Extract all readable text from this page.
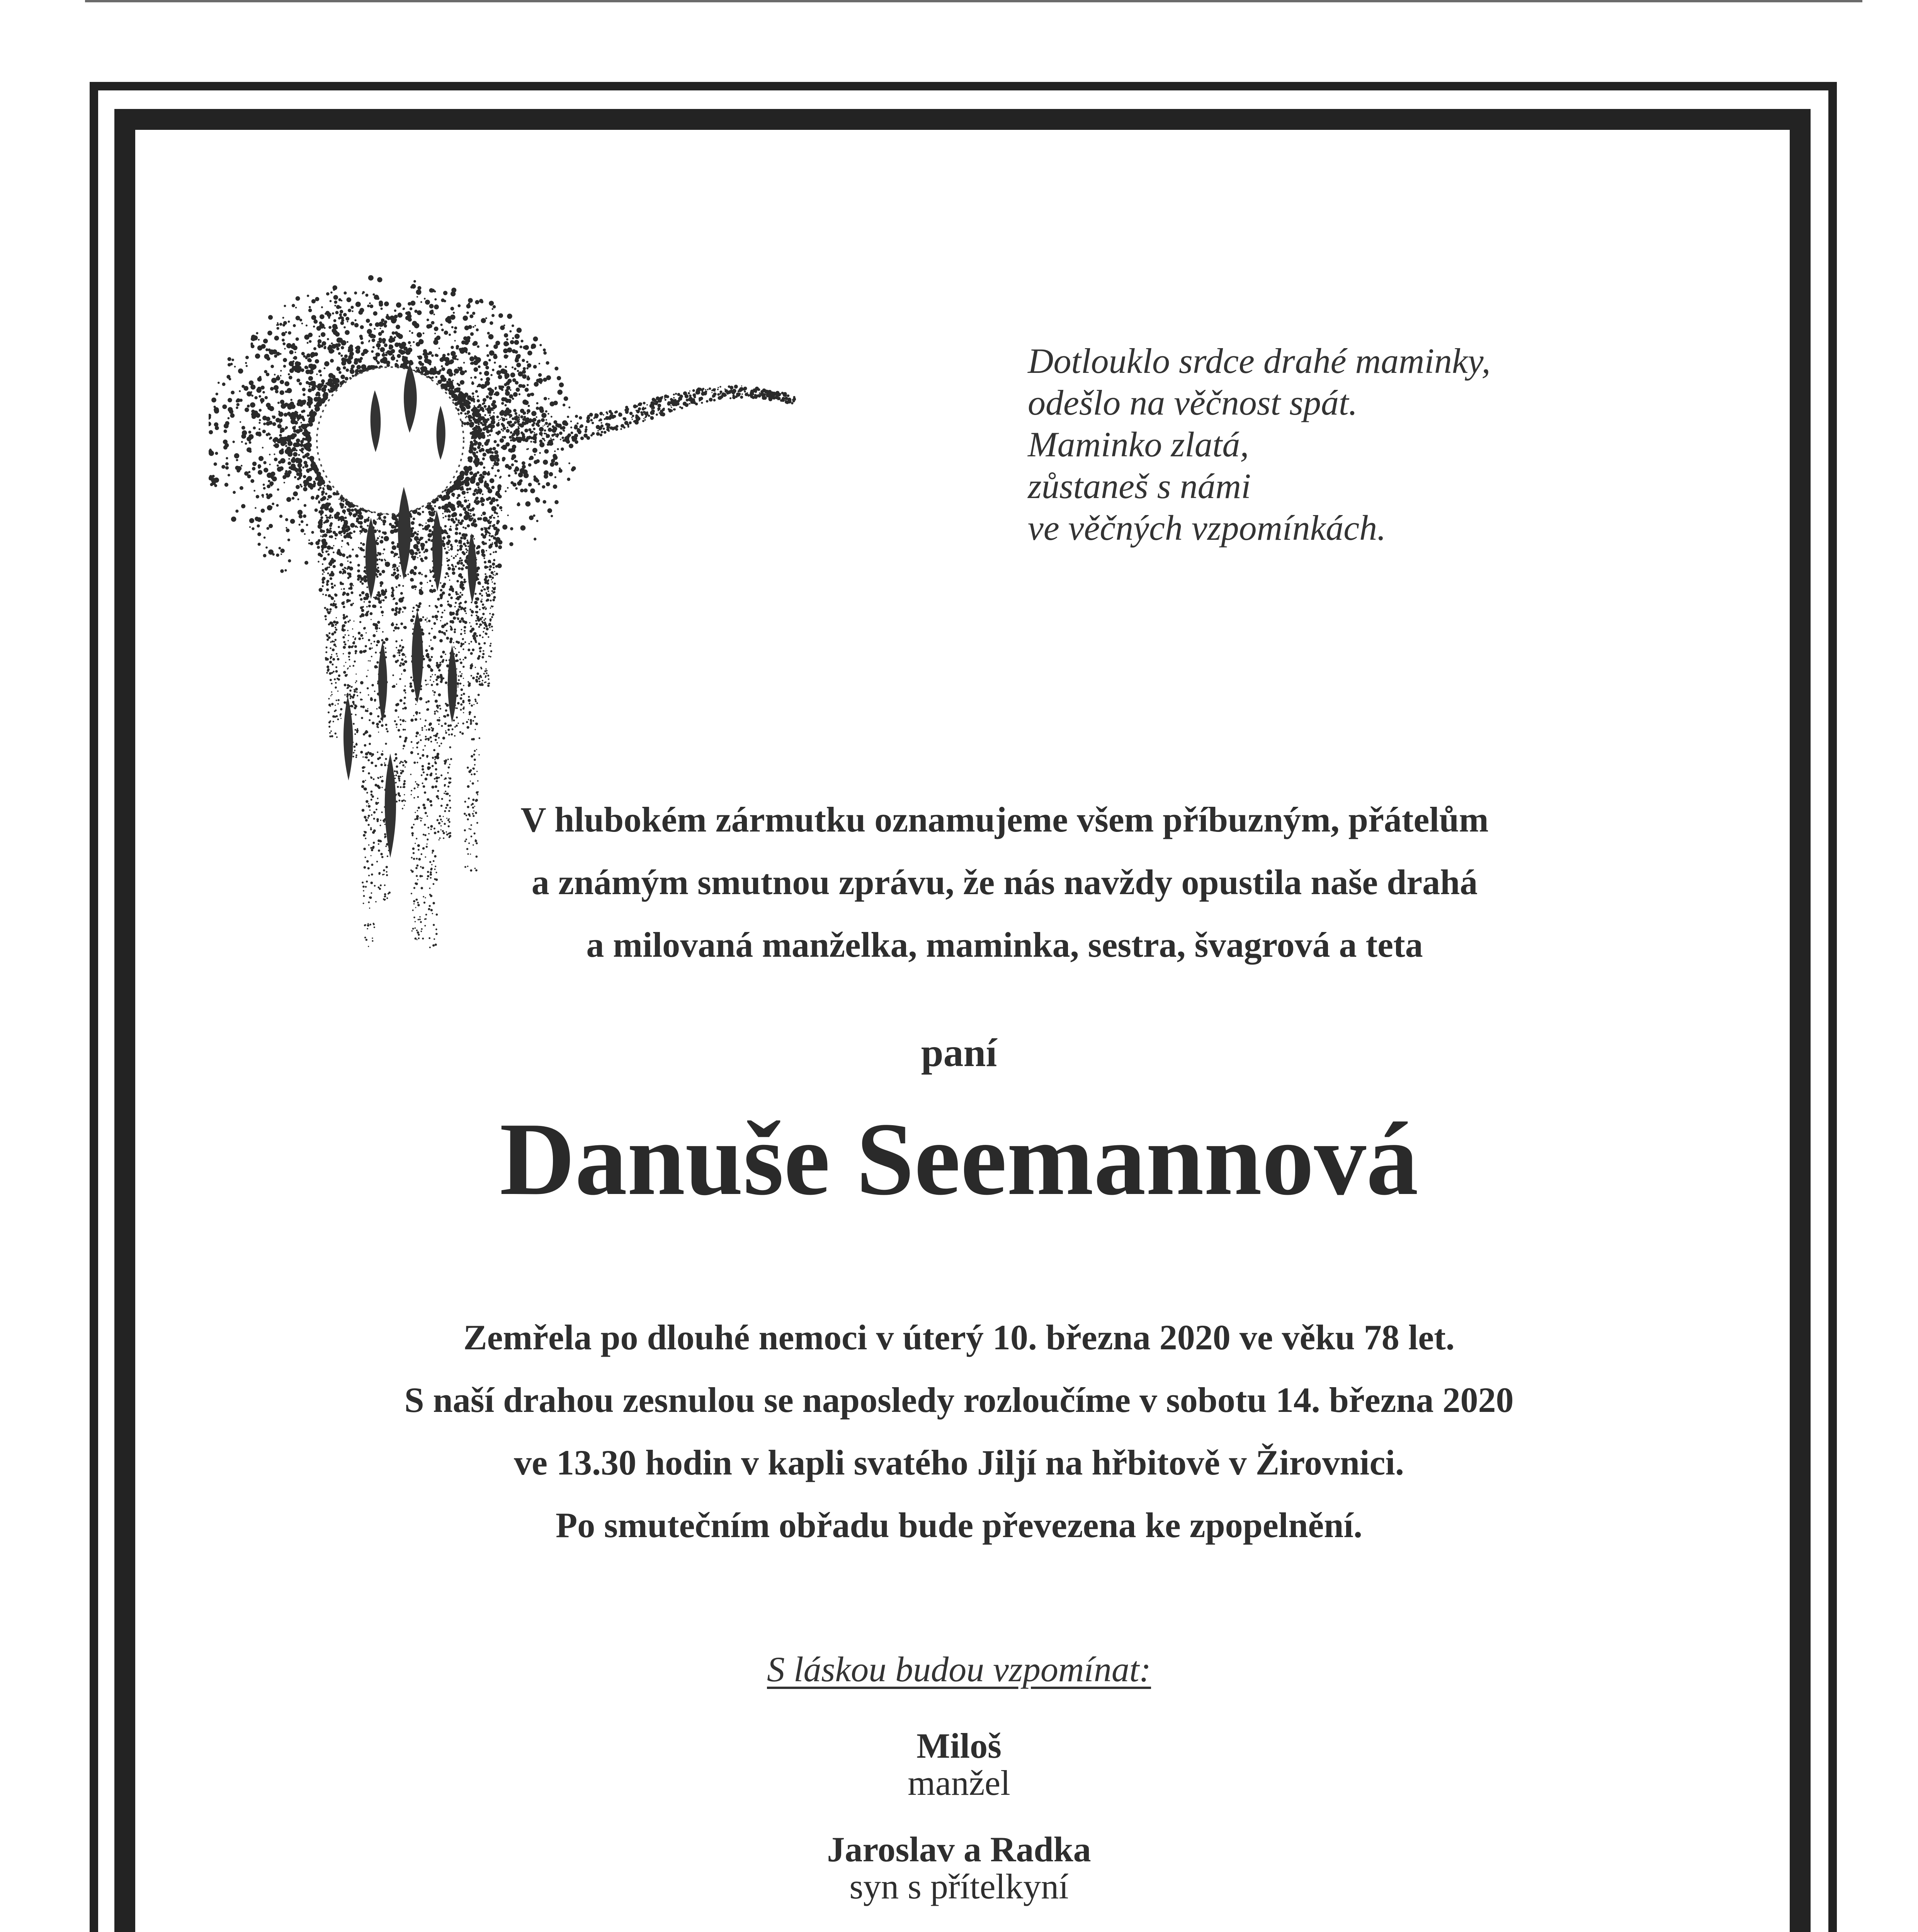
Dotlouklo srdce drahé maminky,
odešlo na věčnost spát.
Maminko zlatá,
zůstaneš s námi
ve věčných vzpomínkách.
V hlubokém zármutku oznamujeme všem příbuzným, přátelům
a známým smutnou zprávu, že nás navždy opustila naše drahá
a milovaná manželka, maminka, sestra, švagrová a teta
paní
Danuše Seemannová
Zemřela po dlouhé nemoci v úterý 10. března 2020 ve věku 78 let.
S naší drahou zesnulou se naposledy rozloučíme v sobotu 14. března 2020
ve 13.30 hodin v kapli svatého Jiljí na hřbitově v Žirovnici.
Po smutečním obřadu bude převezena ke zpopelnění.
S láskou budou vzpomínat:
Miloš
manžel
Jaroslav a Radka
syn s přítelkyní
